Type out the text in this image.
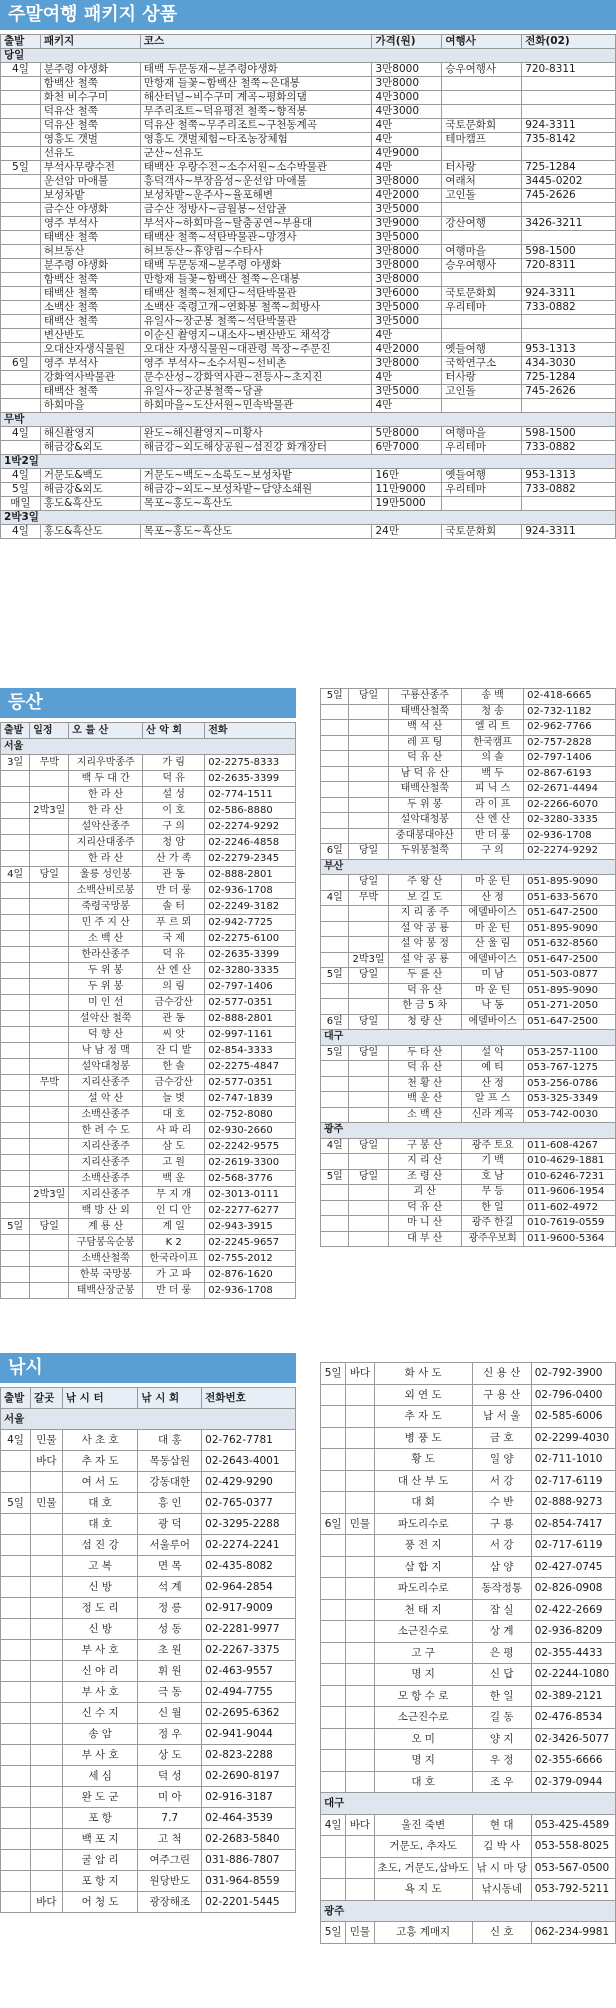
주말여행 패키지 상품
등산
낚시
출발	패키지	코스	가격(원)	여행사	전화(02)
당일					
4일	분주령 야생화	태백 두문동재~분주령야생화	3만8000	승우여행사	720-8311
	함백산 철쭉	만항재 들꽃~함백산 철쭉~은대봉	3만8000		
	화천 비수구미	해산터널~비수구미 계곡~평화의댐	4만3000		
	덕유산 철쭉	무주리조트~덕유평전 철쭉~향적봉	4만3000		
	덕유산 철쭉	덕유산 철쭉~무주리조트~구천동계곡	4만	국토문화회	924-3311
	영흥도 갯벌	영흥도 갯벌체험~타조농장체험	4만	테마캠프	735-8142
	선유도	군산~선유도	4만9000		
5일	부석사무량수전	태백산 우랑수전~소수서원~소수박물관	4만	터사랑	725-1284
	운선암 마애불	흥덕객사~부장음성~운선암 마애불	3만8000	여래처	3445-0202
	보성차밭	보성차밭~운주사~율포해변	4만2000	고인돌	745-2626
	금수산 야생화	금수산 정방사~금월봉~선암골	3만5000		
	영주 부석사	부석사~하회마을~탈춤공연~부용대	3만9000	강산여행	3426-3211
	태백산 철쭉	태백산 철쭉~석탄박물관~망경사	3만5000		
	허브동산	허브동산~휴양림~수타사	3만8000	여행마을	598-1500
	분주령 야생화	태백 두문동재~분주령 야생화	3만8000	승우여행사	720-8311
	함백산 철쭉	만항재 들꽃~함백산 철쭉~은대봉	3만8000		
	태백산 철쭉	태백산 철쭉~천제단~석탄박물관	3만6000	국토문화회	924-3311
	소백산 철쭉	소백산 죽령고개~연화봉 철쭉~희방사	3만5000	우리테마	733-0882
	태백산 철쭉	유일사~장군봉 철쭉~석탄박물관	3만5000		
	변산반도	이순신 촬영지~내소사~변산반도 채석강	4만		
	오대산자생식물원	오대산 자생식물원~대관령 목장~주문진	4만2000	옛들여행	953-1313
6일	영주 부석사	영주 부석사~소수서원~선비촌	3만8000	국학연구소	434-3030
	강화역사박물관	문수산성~강화역사관~전등사~초지진	4만	터사랑	725-1284
	태백산 철쭉	유일사~장군봉철쭉~당골	3만5000	고인돌	745-2626
	하회마을	하회마을~도산서원~민속박물관	4만		
무박					
4일	해신촬영지	완도~해신촬영지~미황사	5만8000	여행마을	598-1500
	해금강&외도	해금강~외도해상공원~섬진강 화개장터	6만7000	우리테마	733-0882
1박2일					
4일	거문도&백도	거문도~백도~소록도~보성차밭	16만	옛들여행	953-1313
5일	해금강&외도	해금강~외도~보성차밭~담양소쇄원	11만9000	우리테마	733-0882
매일	홍도&흑산도	목포~홍도~흑산도	19만5000		
2박3일					
4일	홍도&흑산도	목포~홍도~흑산도	24만	국토문화회	924-3311
출발	일정	오 를 산	산 악 회	전화
서울				
3일	무박	지리우박종주	가 림	02-2275-8333
		백 두 대 간	덕 유	02-2635-3399
		한 라 산	설 성	02-774-1511
	2박3일	한 라 산	이 호	02-586-8880
		설악산종주	구 의	02-2274-9292
		지리산대종주	청 암	02-2246-4858
		한 라 산	산 가 족	02-2279-2345
4일	당일	울릉 성인봉	관 동	02-888-2801
		소백산비로봉	반 더 룽	02-936-1708
		죽령국망봉	솔 터	02-2249-3182
		민 주 지 산	푸 르 뫼	02-942-7725
		소 백 산	국 제	02-2275-6100
		한라산종주	덕 유	02-2635-3399
		두 위 봉	산 엔 산	02-3280-3335
		두 위 봉	의 림	02-797-1406
		미 인 선	금수강산	02-577-0351
		설악산 철쭉	관 동	02-888-2801
		덕 향 산	씨 앗	02-997-1161
		낙 남 정 맥	잔 디 밭	02-854-3333
		설악대청봉	한 솔	02-2275-4847
	무박	지리산종주	금수강산	02-577-0351
		설 악 산	늘 벗	02-747-1839
		소백산종주	대 호	02-752-8080
		한 려 수 도	사 파 리	02-930-2660
		지리산종주	삼 도	02-2242-9575
		지리산종주	고 원	02-2619-3300
		소백산종주	백 운	02-568-3776
	2박3일	지리산종주	무 지 개	02-3013-0111
		백 방 산 외	인 디 안	02-2277-6277
5일	당일	계 룡 산	계 일	02-943-3915
		구담봉옥순봉	K 2	02-2245-9657
		소백산철쭉	한국라이프	02-755-2012
		한북 국망봉	가 고 파	02-876-1620
		태백산장군봉	반 더 룽	02-936-1708
5일	당일	구룡산종주	송 백	02-418-6665
		태백산철쭉	청 송	02-732-1182
		백 석 산	엘 리 트	02-962-7766
		레 프 팅	한국캠프	02-757-2828
		덕 유 산	의 솔	02-797-1406
		남 덕 유 산	백 두	02-867-6193
		태백산철쭉	피 닉 스	02-2671-4494
		두 위 봉	라 이 프	02-2266-6070
		설악대청봉	산 엔 산	02-3280-3335
		중대봉대야산	반 더 룽	02-936-1708
6일	당일	두위봉철쭉	구 의	02-2274-9292
부산				
	당일	주 왕 산	마 운 틴	051-895-9090
4일	무박	보 길 도	산 정	051-633-5670
		지 리 종 주	에델바이스	051-647-2500
		설 악 공 룡	마 운 틴	051-895-9090
		설 악 봉 정	산 울 림	051-632-8560
	2박3일	설 악 공 룡	에델바이스	051-647-2500
5일	당일	두 륜 산	미 남	051-503-0877
		덕 유 산	마 운 틴	051-895-9090
		한 금 5 차	낙 동	051-271-2050
6일	당일	청 량 산	에델바이스	051-647-2500
대구				
5일	당일	두 타 산	설 악	053-257-1100
		덕 유 산	예 티	053-767-1275
		천 황 산	산 정	053-256-0786
		백 운 산	알 프 스	053-325-3349
		소 백 산	신라 계곡	053-742-0030
광주				
4일	당일	구 봉 산	광주 토요	011-608-4267
		지 리 산	기 백	010-4629-1881
5일	당일	조 령 산	호 남	010-6246-7231
		괴 산	무 등	011-9606-1954
		덕 유 산	한 일	011-602-4972
		마 니 산	광주 한길	010-7619-0559
		대 부 산	광주우보회	011-9600-5364
출발	갈곳	낚 시 터	낚 시 회	전화번호
서울				
4일	민물	사 초 호	대 홍	02-762-7781
	바다	추 자 도	목동삼원	02-2643-4001
		여 서 도	강동대한	02-429-9290
5일	민물	대 호	흥 인	02-765-0377
		대 호	광 덕	02-3295-2288
		섬 진 강	서울루어	02-2274-2241
		고 복	면 목	02-435-8082
		신 방	석 계	02-964-2854
		정 도 리	정 릉	02-917-9009
		신 방	성 동	02-2281-9977
		부 사 호	초 원	02-2267-3375
		신 야 리	휘 원	02-463-9557
		부 사 호	극 동	02-494-7755
		신 수 지	신 월	02-2695-6362
		송 암	정 우	02-941-9044
		부 사 호	상 도	02-823-2288
		세 심	덕 성	02-2690-8197
		완 도 군	미 아	02-916-3187
		포 항	7.7	02-464-3539
		백 포 지	고 척	02-2683-5840
		굴 암 리	여주그린	031-886-7807
		포 항 지	원당반도	031-964-8559
	바다	어 청 도	광장해조	02-2201-5445
5일	바다	화 사 도	신 용 산	02-792-3900
		외 연 도	구 용 산	02-796-0400
		추 자 도	남 서 울	02-585-6006
		병 풍 도	금 호	02-2299-4030
		황 도	일 양	02-711-1010
		대 산 부 도	서 강	02-717-6119
		대 회	수 반	02-888-9273
6일	민물	파도리수로	구 룡	02-854-7417
		풍 전 지	서 강	02-717-6119
		삼 합 지	삼 양	02-427-0745
		파도리수로	동작정통	02-826-0908
		천 태 지	잠 실	02-422-2669
		소근진수로	상 계	02-936-8209
		고 구	은 평	02-355-4433
		명 지	신 답	02-2244-1080
		모 항 수 로	한 일	02-389-2121
		소근진수로	길 동	02-476-8534
		오 미	양 지	02-3426-5077
		명 지	우 정	02-355-6666
		대 호	조 우	02-379-0944
대구				
4일	바다	울진 죽변	현 대	053-425-4589
		거문도, 추자도	김 박 사	053-558-8025
		초도, 거문도,삼바도	낚 시 마 당	053-567-0500
		욕 지 도	낚시동네	053-792-5211
광주				
5일	민물	고흥 계매지	신 호	062-234-9981
